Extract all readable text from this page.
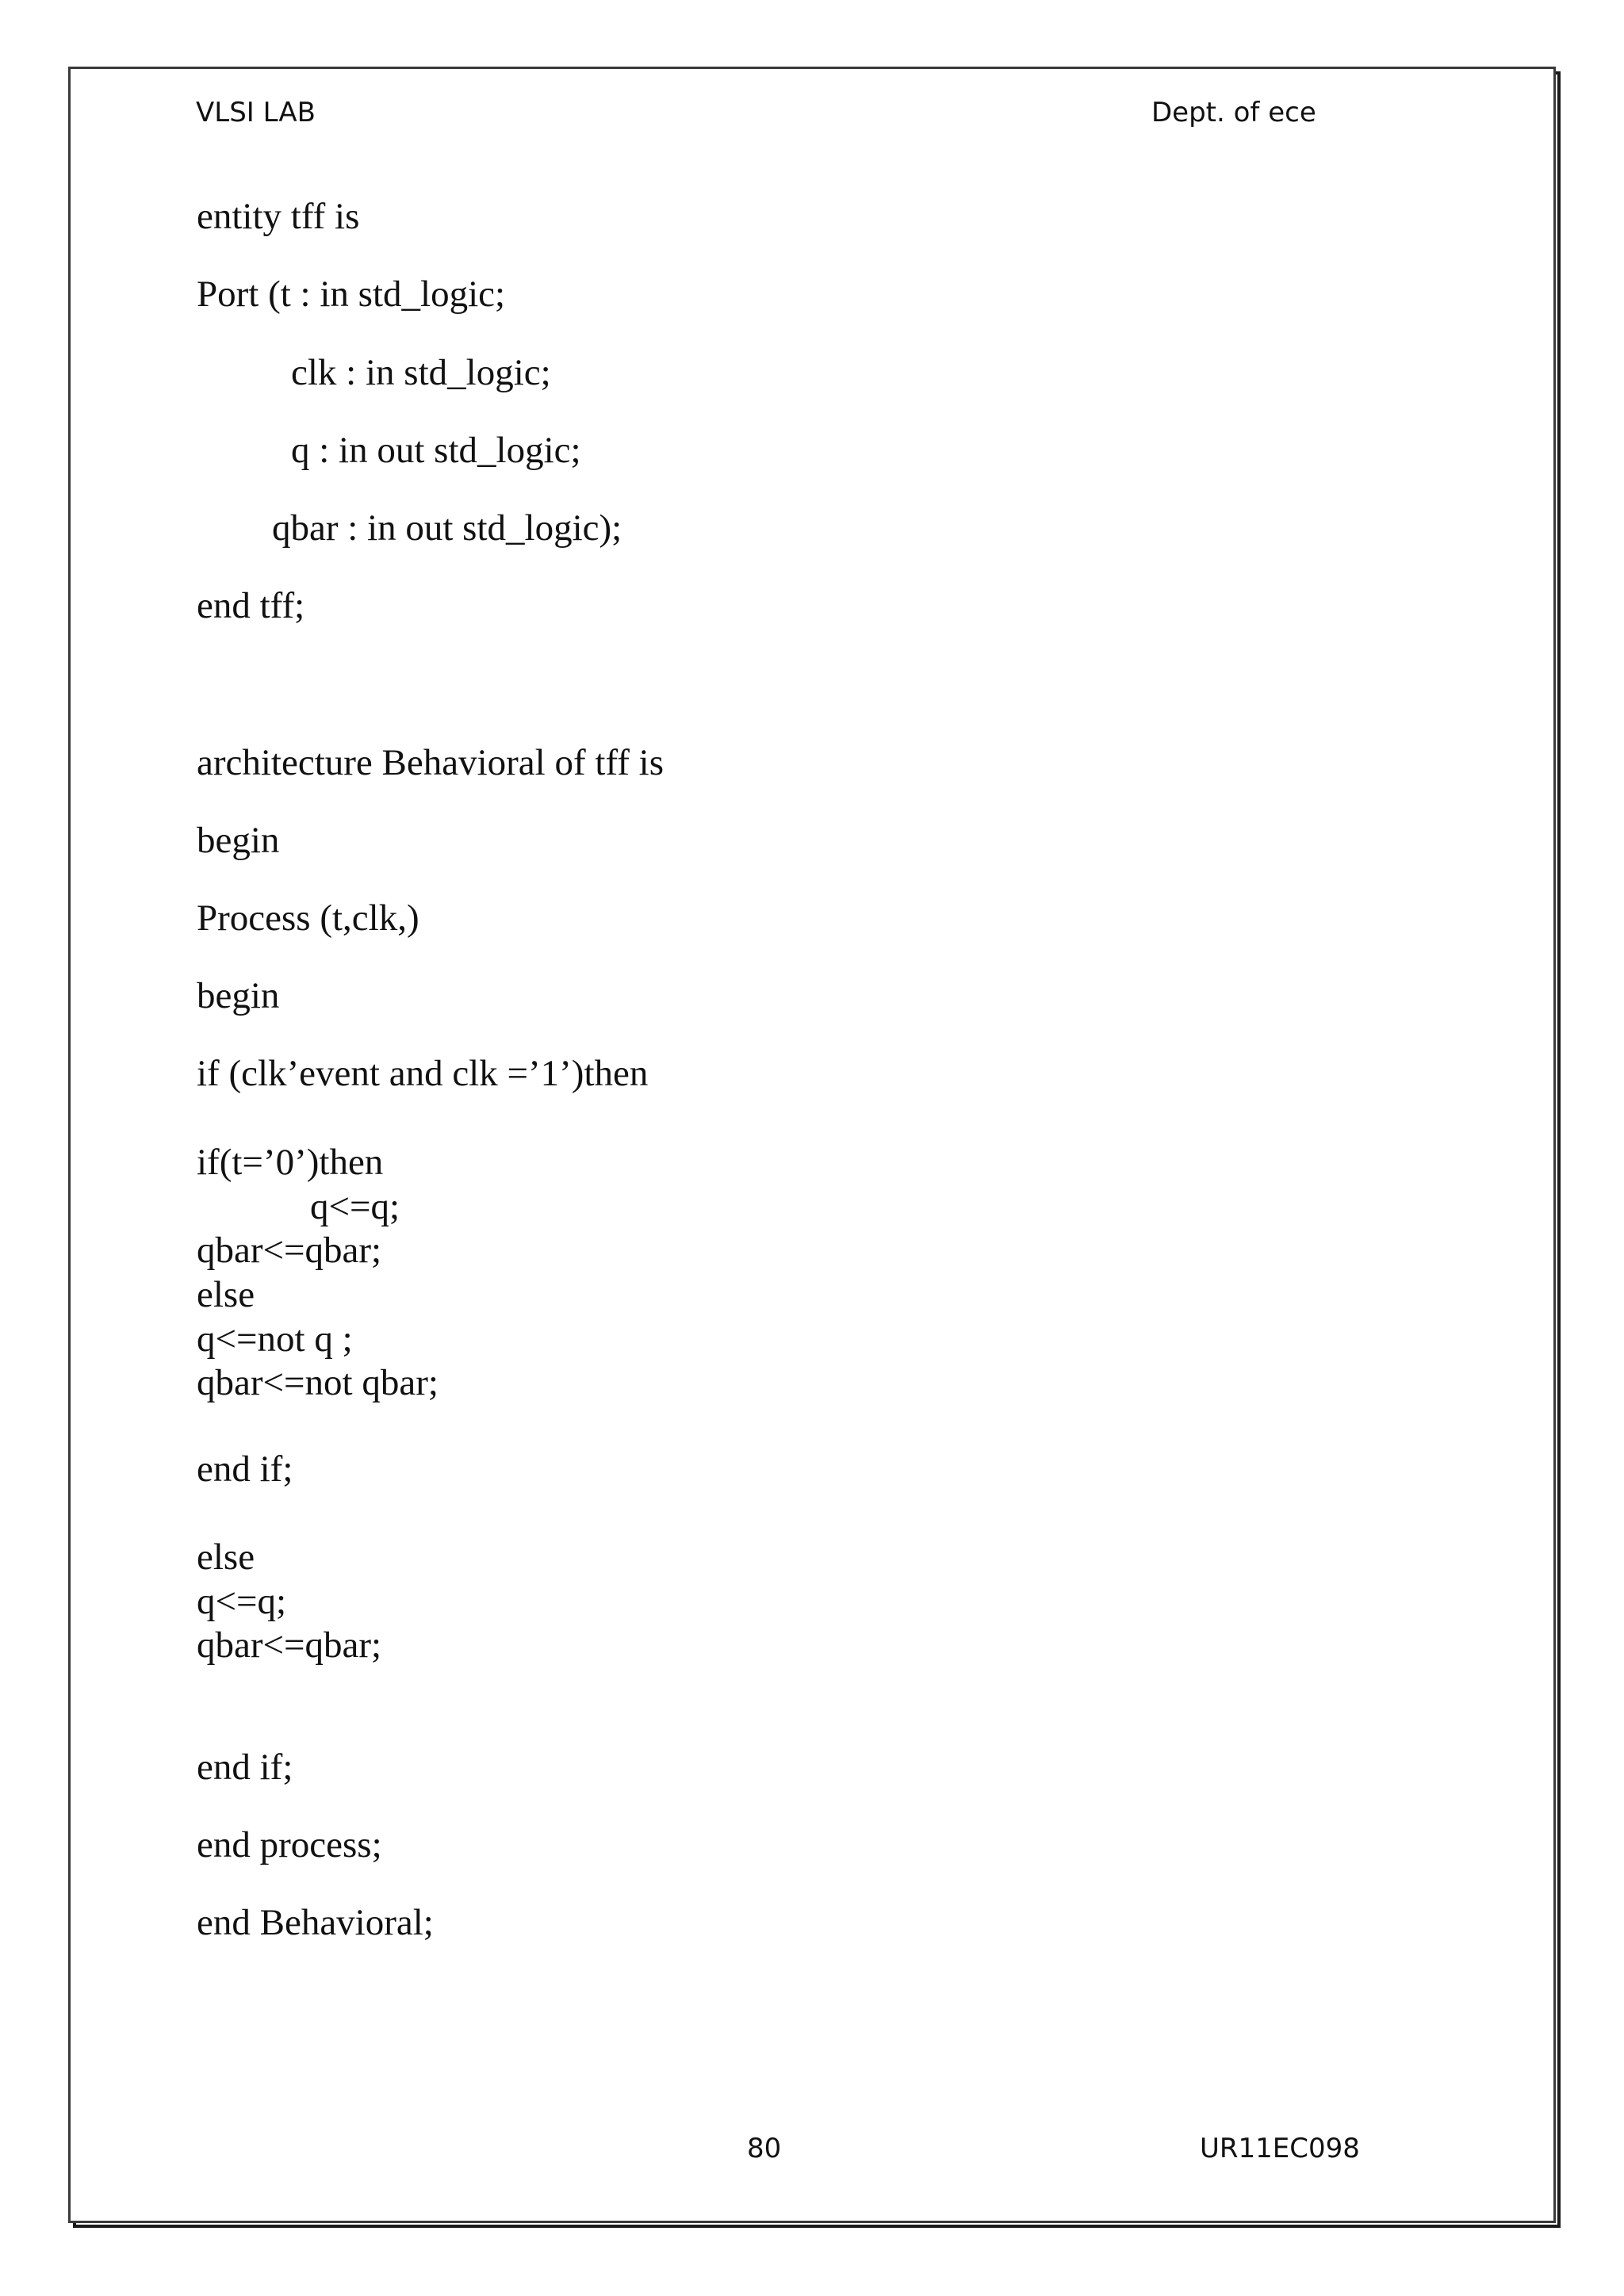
VLSI LAB	Dept. of ece
entity tff is
Port (t : in std_logic;
clk : in std_logic;
q : in out std_logic;
qbar : in out std_logic);
end tff;
architecture Behavioral of tff is
begin
Process (t,clk,)
begin
if (clk’event and clk =’1’)then
if(t=’0’)then
q<=q;
qbar<=qbar;
else
q<=not q ;
qbar<=not qbar;
end if;
else
q<=q;
qbar<=qbar;
end if;
end process;
end Behavioral;
80	UR11EC098
